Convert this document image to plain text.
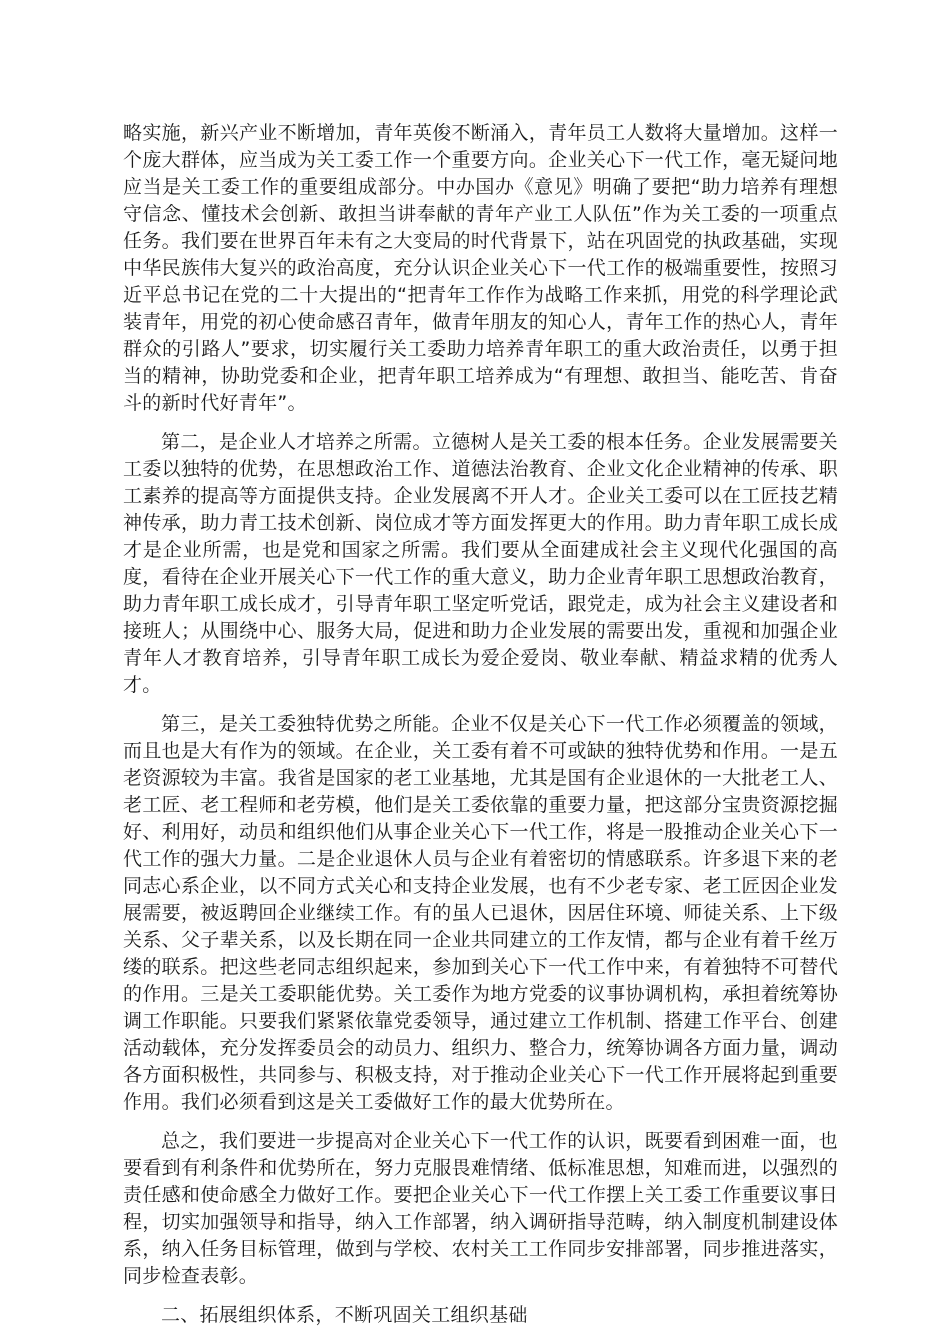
略实施，新兴产业不断增加，青年英俊不断涌入，青年员工人数将大量增加。这样一个庞大群体，应当成为关工委工作一个重要方向。企业关心下一代工作，毫无疑问地应当是关工委工作的重要组成部分。中办国办《意见》明确了要把“助力培养有理想守信念、懂技术会创新、敢担当讲奉献的青年产业工人队伍”作为关工委的一项重点任务。我们要在世界百年未有之大变局的时代背景下，站在巩固党的执政基础，实现中华民族伟大复兴的政治高度，充分认识企业关心下一代工作的极端重要性，按照习近平总书记在党的二十大提出的“把青年工作作为战略工作来抓，用党的科学理论武装青年，用党的初心使命感召青年，做青年朋友的知心人，青年工作的热心人，青年群众的引路人”要求，切实履行关工委助力培养青年职工的重大政治责任，以勇于担当的精神，协助党委和企业，把青年职工培养成为“有理想、敢担当、能吃苦、肯奋斗的新时代好青年”。

第二，是企业人才培养之所需。立德树人是关工委的根本任务。企业发展需要关工委以独特的优势，在思想政治工作、道德法治教育、企业文化企业精神的传承、职工素养的提高等方面提供支持。企业发展离不开人才。企业关工委可以在工匠技艺精神传承，助力青工技术创新、岗位成才等方面发挥更大的作用。助力青年职工成长成才是企业所需，也是党和国家之所需。我们要从全面建成社会主义现代化强国的高度，看待在企业开展关心下一代工作的重大意义，助力企业青年职工思想政治教育，助力青年职工成长成才，引导青年职工坚定听党话，跟党走，成为社会主义建设者和接班人；从围绕中心、服务大局，促进和助力企业发展的需要出发，重视和加强企业青年人才教育培养，引导青年职工成长为爱企爱岗、敬业奉献、精益求精的优秀人才。

第三，是关工委独特优势之所能。企业不仅是关心下一代工作必须覆盖的领域，而且也是大有作为的领域。在企业，关工委有着不可或缺的独特优势和作用。一是五老资源较为丰富。我省是国家的老工业基地，尤其是国有企业退休的一大批老工人、老工匠、老工程师和老劳模，他们是关工委依靠的重要力量，把这部分宝贵资源挖掘好、利用好，动员和组织他们从事企业关心下一代工作，将是一股推动企业关心下一代工作的强大力量。二是企业退休人员与企业有着密切的情感联系。许多退下来的老同志心系企业，以不同方式关心和支持企业发展，也有不少老专家、老工匠因企业发展需要，被返聘回企业继续工作。有的虽人已退休，因居住环境、师徒关系、上下级关系、父子辈关系，以及长期在同一企业共同建立的工作友情，都与企业有着千丝万缕的联系。把这些老同志组织起来，参加到关心下一代工作中来，有着独特不可替代的作用。三是关工委职能优势。关工委作为地方党委的议事协调机构，承担着统筹协调工作职能。只要我们紧紧依靠党委领导，通过建立工作机制、搭建工作平台、创建活动载体，充分发挥委员会的动员力、组织力、整合力，统筹协调各方面力量，调动各方面积极性，共同参与、积极支持，对于推动企业关心下一代工作开展将起到重要作用。我们必须看到这是关工委做好工作的最大优势所在。

总之，我们要进一步提高对企业关心下一代工作的认识，既要看到困难一面，也要看到有利条件和优势所在，努力克服畏难情绪、低标准思想，知难而进，以强烈的责任感和使命感全力做好工作。要把企业关心下一代工作摆上关工委工作重要议事日程，切实加强领导和指导，纳入工作部署，纳入调研指导范畴，纳入制度机制建设体系，纳入任务目标管理，做到与学校、农村关工工作同步安排部署，同步推进落实，同步检查表彰。

二、拓展组织体系，不断巩固关工组织基础
